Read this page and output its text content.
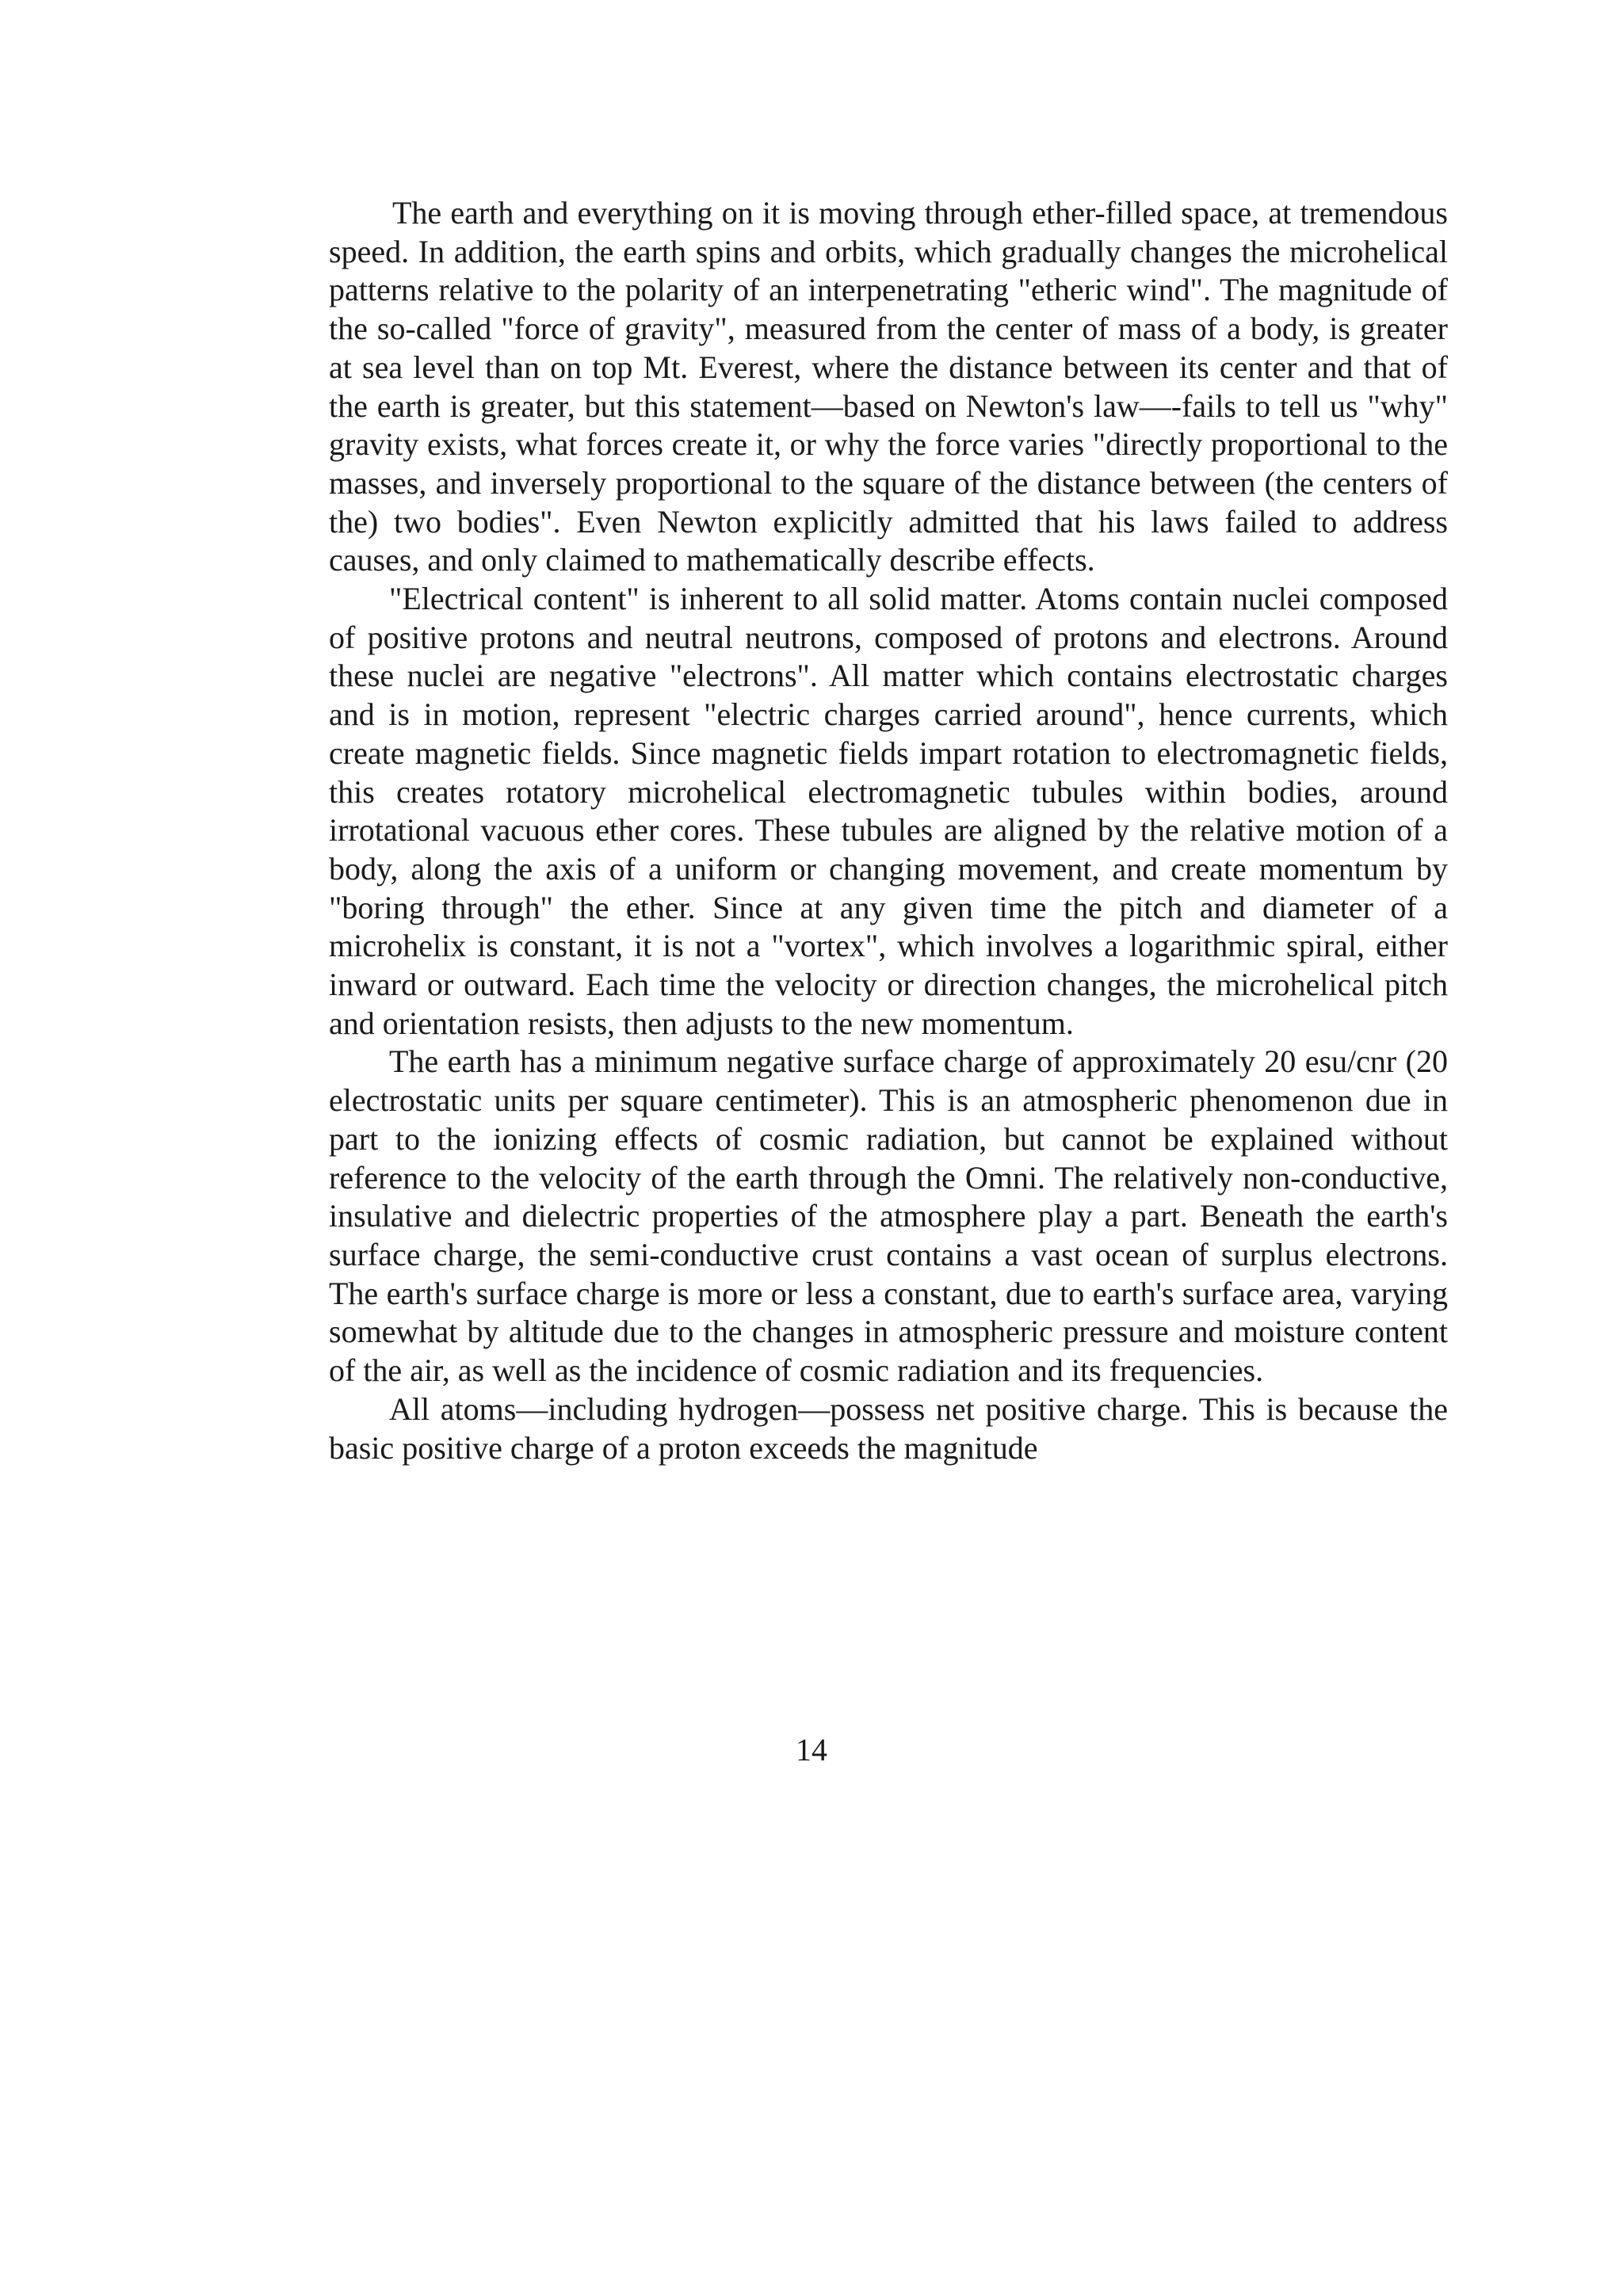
The earth and everything on it is moving through ether-filled space, at tremendous speed. In addition, the earth spins and orbits, which gradually changes the microhelical patterns relative to the polarity of an interpenetrating "etheric wind". The magnitude of the so-called "force of gravity", measured from the center of mass of a body, is greater at sea level than on top Mt. Everest, where the distance between its center and that of the earth is greater, but this statement—based on Newton's law—-fails to tell us "why" gravity exists, what forces create it, or why the force varies "directly proportional to the masses, and inversely proportional to the square of the distance between (the centers of the) two bodies". Even Newton explicitly admitted that his laws failed to address causes, and only claimed to mathematically describe effects.

"Electrical content" is inherent to all solid matter. Atoms contain nuclei composed of positive protons and neutral neutrons, composed of protons and electrons. Around these nuclei are negative "electrons". All matter which contains electrostatic charges and is in motion, represent "electric charges carried around", hence currents, which create magnetic fields. Since magnetic fields impart rotation to electromagnetic fields, this creates rotatory microhelical electromagnetic tubules within bodies, around irrotational vacuous ether cores. These tubules are aligned by the relative motion of a body, along the axis of a uniform or changing movement, and create momentum by "boring through" the ether. Since at any given time the pitch and diameter of a microhelix is constant, it is not a "vortex", which involves a logarithmic spiral, either inward or outward. Each time the velocity or direction changes, the microhelical pitch and orientation resists, then adjusts to the new momentum.

The earth has a minimum negative surface charge of approximately 20 esu/cnr (20 electrostatic units per square centimeter). This is an atmospheric phenomenon due in part to the ionizing effects of cosmic radiation, but cannot be explained without reference to the velocity of the earth through the Omni. The relatively non-conductive, insulative and dielectric properties of the atmosphere play a part. Beneath the earth's surface charge, the semi-conductive crust contains a vast ocean of surplus electrons. The earth's surface charge is more or less a constant, due to earth's surface area, varying somewhat by altitude due to the changes in atmospheric pressure and moisture content of the air, as well as the incidence of cosmic radiation and its frequencies.

All atoms—including hydrogen—possess net positive charge. This is because the basic positive charge of a proton exceeds the magnitude

14
